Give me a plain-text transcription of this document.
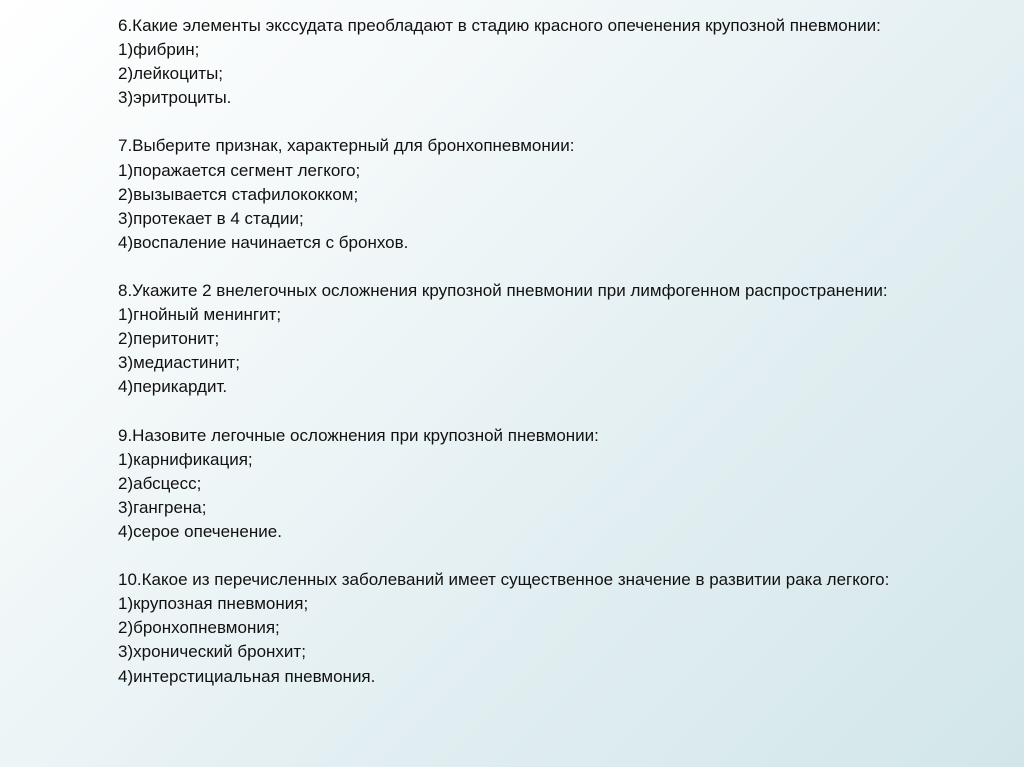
6.Какие элементы экссудата преобладают в стадию красного опеченения крупозной пневмонии:
1)фибрин;
2)лейкоциты;
3)эритроциты.
7.Выберите признак, характерный для бронхопневмонии:
1)поражается сегмент легкого;
2)вызывается стафилококком;
3)протекает в 4 стадии;
4)воспаление начинается с бронхов.
8.Укажите 2 внелегочных осложнения крупозной пневмонии при лимфогенном распространении:
1)гнойный менингит;
2)перитонит;
3)медиастинит;
4)перикардит.
9.Назовите легочные осложнения при крупозной пневмонии:
1)карнификация;
2)абсцесс;
3)гангрена;
4)серое опеченение.
10.Какое из перечисленных заболеваний имеет существенное значение в развитии рака легкого:
1)крупозная пневмония;
2)бронхопневмония;
3)хронический бронхит;
4)интерстициальная пневмония.
